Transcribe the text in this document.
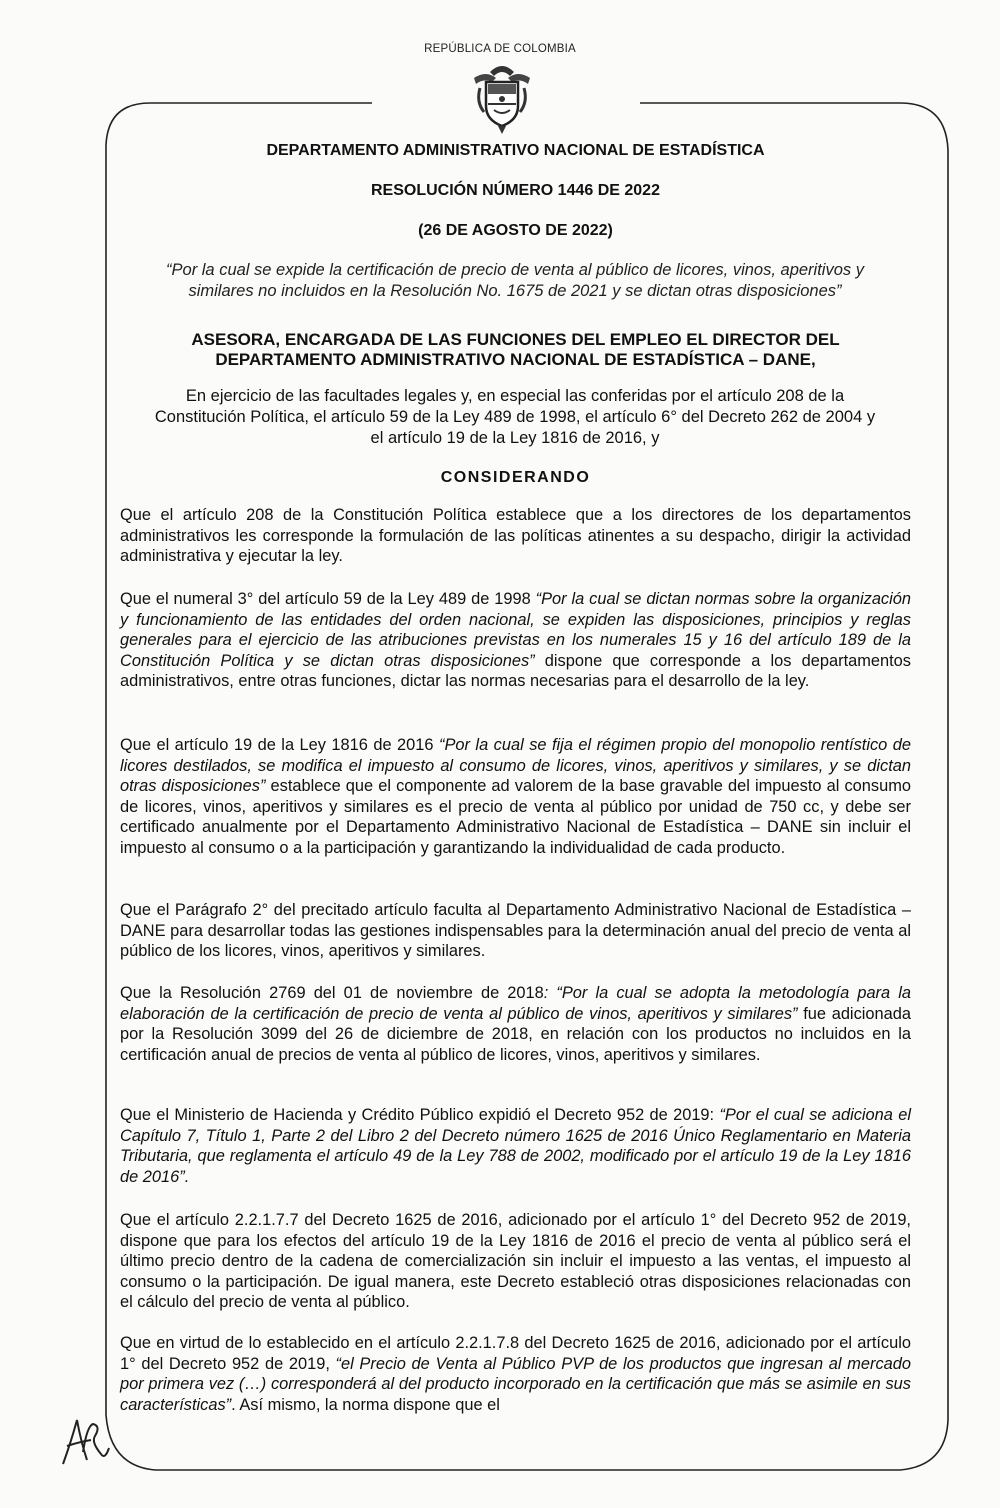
REPÚBLICA DE COLOMBIA
DEPARTAMENTO ADMINISTRATIVO NACIONAL DE ESTADÍSTICA
RESOLUCIÓN NÚMERO 1446 DE 2022
(26 DE AGOSTO DE 2022)
“Por la cual se expide la certificación de precio de venta al público de licores, vinos, aperitivos y
similares no incluidos en la Resolución No. 1675 de 2021 y se dictan otras disposiciones”
ASESORA, ENCARGADA DE LAS FUNCIONES DEL EMPLEO EL DIRECTOR DEL
DEPARTAMENTO ADMINISTRATIVO NACIONAL DE ESTADÍSTICA – DANE,
En ejercicio de las facultades legales y, en especial las conferidas por el artículo 208 de la
Constitución Política, el artículo 59 de la Ley 489 de 1998, el artículo 6° del Decreto 262 de 2004 y
el artículo 19 de la Ley 1816 de 2016, y
CONSIDERANDO
Que el artículo 208 de la Constitución Política establece que a los directores de los departamentos administrativos les corresponde la formulación de las políticas atinentes a su despacho, dirigir la actividad administrativa y ejecutar la ley.
Que el numeral 3° del artículo 59 de la Ley 489 de 1998 “Por la cual se dictan normas sobre la organización y funcionamiento de las entidades del orden nacional, se expiden las disposiciones, principios y reglas generales para el ejercicio de las atribuciones previstas en los numerales 15 y 16 del artículo 189 de la Constitución Política y se dictan otras disposiciones” dispone que corresponde a los departamentos administrativos, entre otras funciones, dictar las normas necesarias para el desarrollo de la ley.
Que el artículo 19 de la Ley 1816 de 2016 “Por la cual se fija el régimen propio del monopolio rentístico de licores destilados, se modifica el impuesto al consumo de licores, vinos, aperitivos y similares, y se dictan otras disposiciones” establece que el componente ad valorem de la base gravable del impuesto al consumo de licores, vinos, aperitivos y similares es el precio de venta al público por unidad de 750 cc, y debe ser certificado anualmente por el Departamento Administrativo Nacional de Estadística – DANE sin incluir el impuesto al consumo o a la participación y garantizando la individualidad de cada producto.
Que el Parágrafo 2° del precitado artículo faculta al Departamento Administrativo Nacional de Estadística – DANE para desarrollar todas las gestiones indispensables para la determinación anual del precio de venta al público de los licores, vinos, aperitivos y similares.
Que la Resolución 2769 del 01 de noviembre de 2018: “Por la cual se adopta la metodología para la elaboración de la certificación de precio de venta al público de vinos, aperitivos y similares” fue adicionada por la Resolución 3099 del 26 de diciembre de 2018, en relación con los productos no incluidos en la certificación anual de precios de venta al público de licores, vinos, aperitivos y similares.
Que el Ministerio de Hacienda y Crédito Público expidió el Decreto 952 de 2019: “Por el cual se adiciona el Capítulo 7, Título 1, Parte 2 del Libro 2 del Decreto número 1625 de 2016 Único Reglamentario en Materia Tributaria, que reglamenta el artículo 49 de la Ley 788 de 2002, modificado por el artículo 19 de la Ley 1816 de 2016”.
Que el artículo 2.2.1.7.7 del Decreto 1625 de 2016, adicionado por el artículo 1° del Decreto 952 de 2019, dispone que para los efectos del artículo 19 de la Ley 1816 de 2016 el precio de venta al público será el último precio dentro de la cadena de comercialización sin incluir el impuesto a las ventas, el impuesto al consumo o la participación. De igual manera, este Decreto estableció otras disposiciones relacionadas con el cálculo del precio de venta al público.
Que en virtud de lo establecido en el artículo 2.2.1.7.8 del Decreto 1625 de 2016, adicionado por el artículo 1° del Decreto 952 de 2019, “el Precio de Venta al Público PVP de los productos que ingresan al mercado por primera vez (…) corresponderá al del producto incorporado en la certificación que más se asimile en sus características”. Así mismo, la norma dispone que el
